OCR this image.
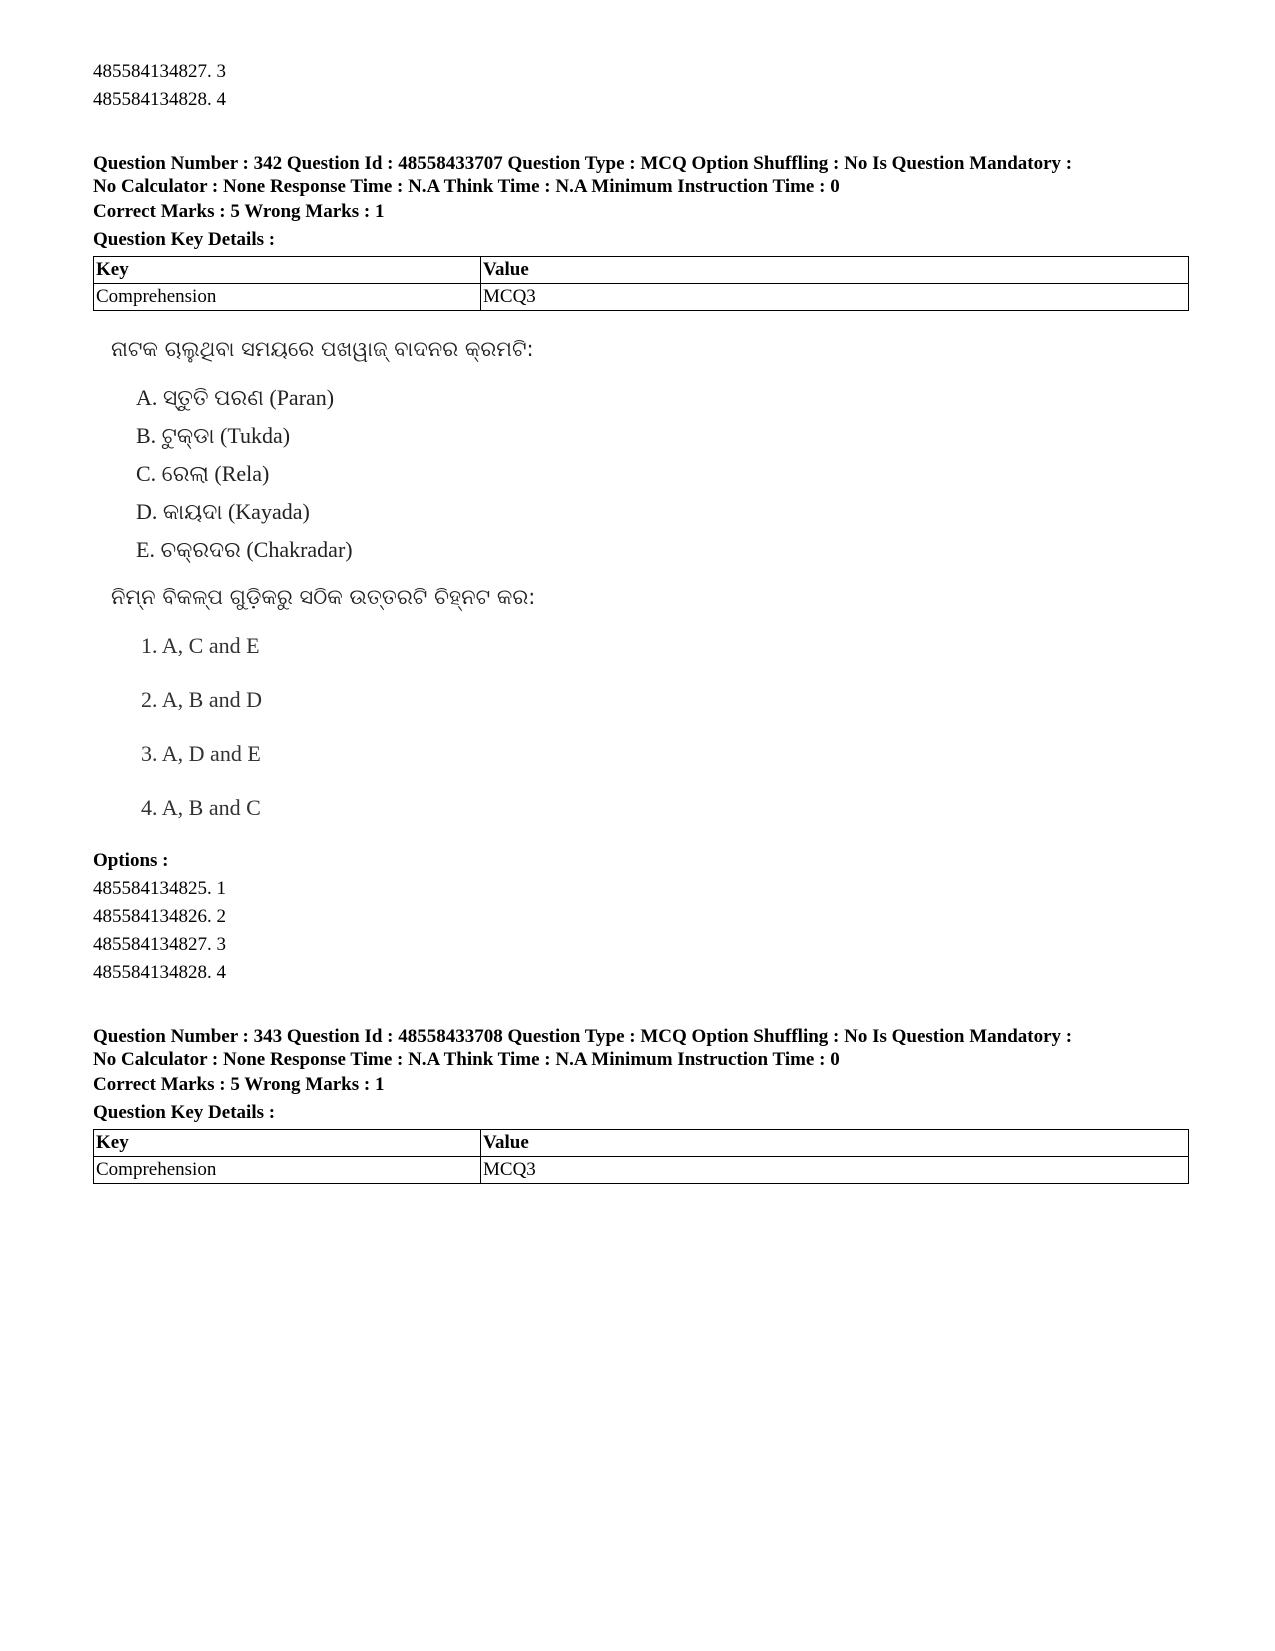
485584134827. 3
485584134828. 4
Question Number : 342 Question Id : 48558433707 Question Type : MCQ Option Shuffling : No Is Question Mandatory :
No Calculator : None Response Time : N.A Think Time : N.A Minimum Instruction Time : 0
Correct Marks : 5 Wrong Marks : 1
Question Key Details :
Key	Value
Comprehension	MCQ3
ନାଟକ ଚାଲୁଥିବା ସମୟରେ ପଖୱାଜ୍ ବାଦନର କ୍ରମଟି:
A. ସ୍ତୁତି ପରଣ (Paran)
B. ଟୁକ୍ଡା (Tukda)
C. ରେଲା (Rela)
D. କାୟଦା (Kayada)
E. ଚକ୍ରଦର (Chakradar)
ନିମ୍ନ ବିକଳ୍ପ ଗୁଡ଼ିକରୁ ସଠିକ ଉତ୍ତରଟି ଚିହ୍ନଟ କର:
1. A, C and E
2. A, B and D
3. A, D and E
4. A, B and C
Options :
485584134825. 1
485584134826. 2
485584134827. 3
485584134828. 4
Question Number : 343 Question Id : 48558433708 Question Type : MCQ Option Shuffling : No Is Question Mandatory :
No Calculator : None Response Time : N.A Think Time : N.A Minimum Instruction Time : 0
Correct Marks : 5 Wrong Marks : 1
Question Key Details :
Key	Value
Comprehension	MCQ3
